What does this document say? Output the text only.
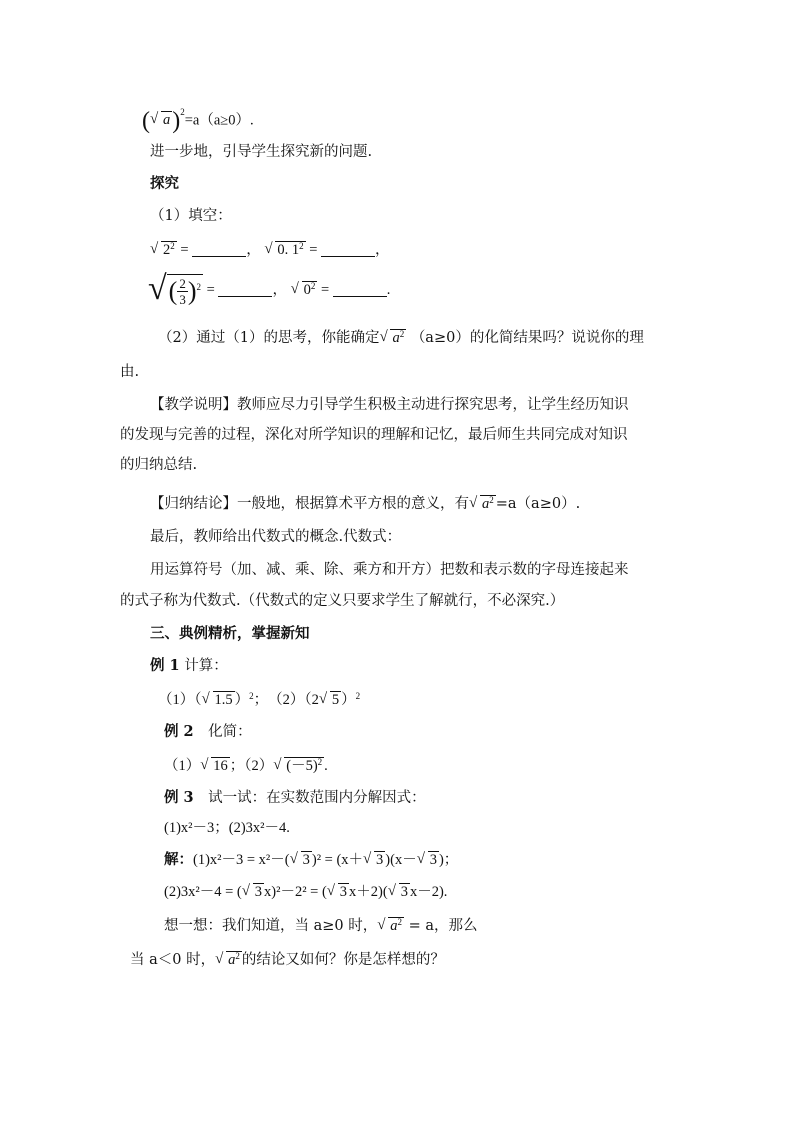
( √ a)$^2$=a（a≥0）.
进一步地，引导学生探究新的问题.
探究
（1）填空：
√ $2^2$ =	， √ 0. $1^2$ =	，
√( $\frac{2}{3} )^2$ =	， √ $0^2$ =	.
（2）通过（1）的思考，你能确定 √ $a^2$ （a≥0）的化简结果吗？说说你的理
由.
【教学说明】教师应尽力引导学生积极主动进行探究思考，让学生经历知识
的发现与完善的过程，深化对所学知识的理解和记忆，最后师生共同完成对知识
的归纳总结.
【归纳结论】一般地，根据算术平方根的意义，有 √ $a^2 =a(a\ge 0)$.
最后，教师给出代数式的概念.代数式：
用运算符号（加、减、乘、除、乘方和开方）把数和表示数的字母连接起来
的式子称为代数式.（代数式的定义只要求学生了解就行，不必深究.）
三、典例精析，掌握新知
例 1 计算：
（1）（ √ 1.5 ）$^2$；　（2）（2 √ 5 ）$^2$
例 2　 化简：
（1） √ 16 ；（2） √ $(-5)^2$ .
例 3　 试一试：在实数范围内分解因式：
(1)x²－3；(2)3x²－4.
解：(1)x²－3 = x²－( √ 3 )² = (x＋ √ 3 )(x－ √ 3 )；
(2)3x²－4 = ( √ 3 x)²－2² = ( √ 3 x＋2)( √ 3 x－2).
想一想：我们知道，当 a≥0 时， √ $a^2 = a$，那么
当 a＜0 时， √ $a^2$ 的结论又如何？你是怎样想的？
